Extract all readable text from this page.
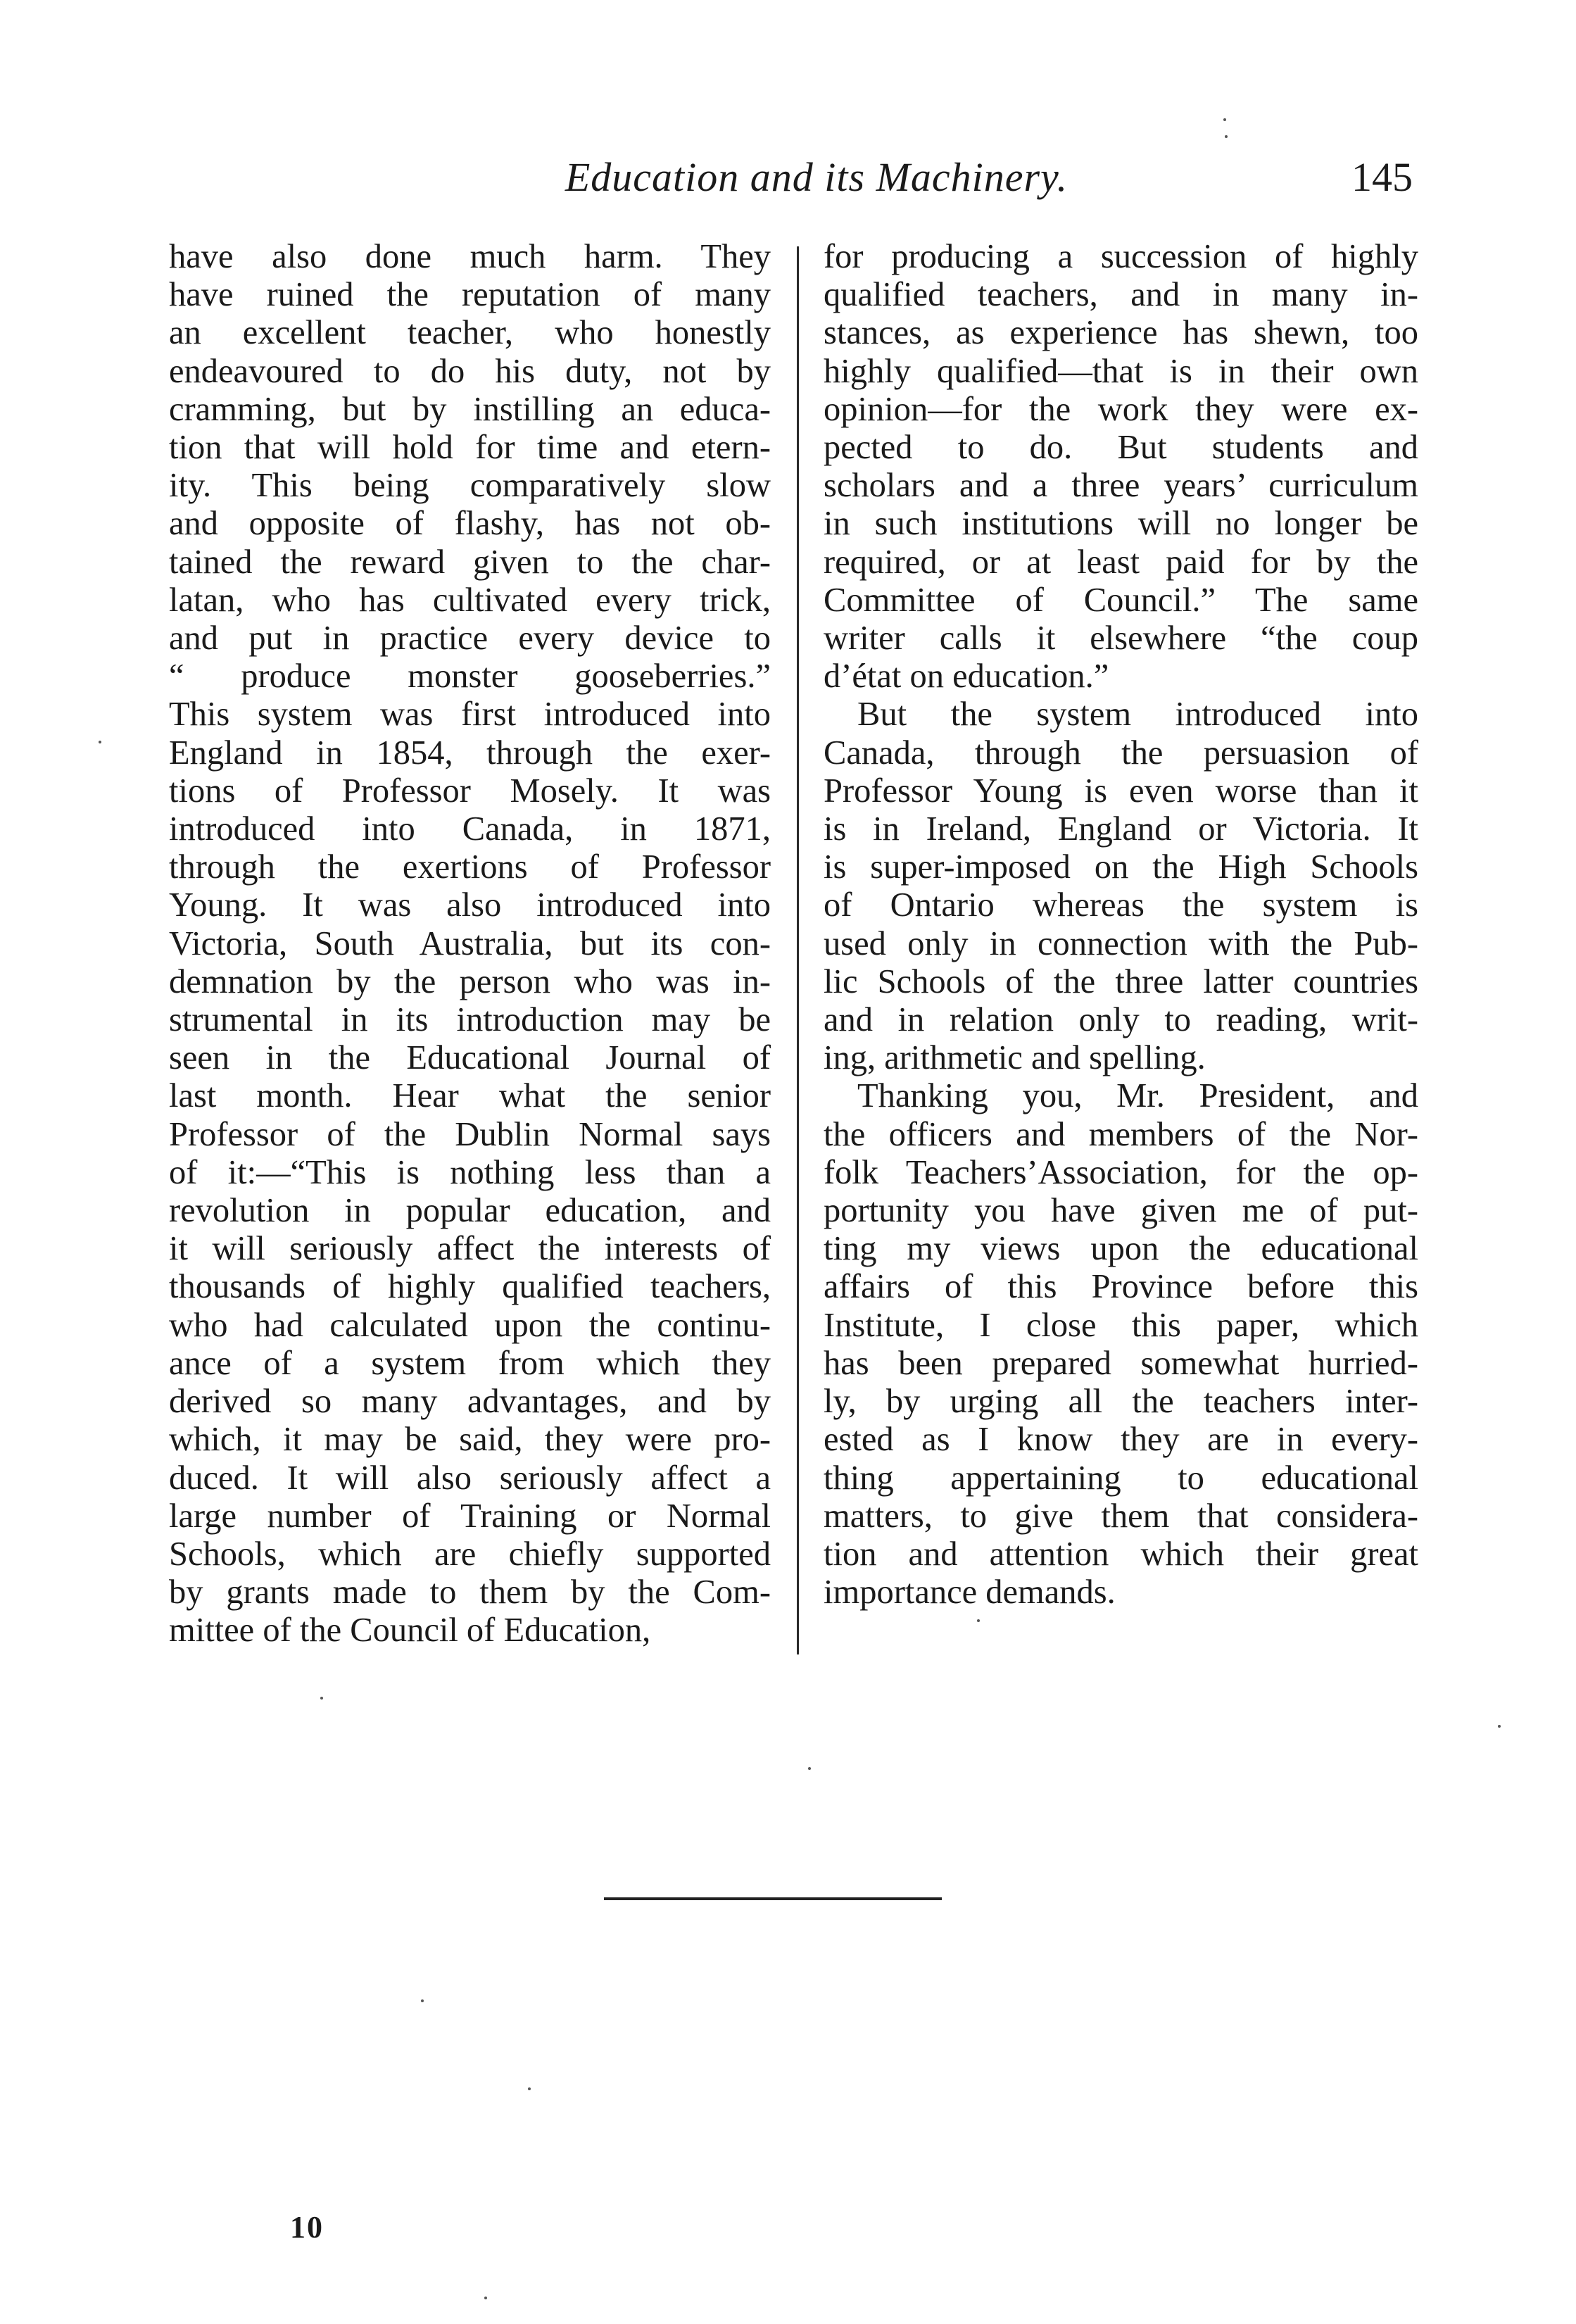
Education and its Machinery.	145
have also done much harm. They
have ruined the reputation of many
an excellent teacher, who honestly
endeavoured to do his duty, not by
cramming, but by instilling an educa-
tion that will hold for time and etern-
ity. This being comparatively slow
and opposite of flashy, has not ob-
tained the reward given to the char-
latan, who has cultivated every trick,
and put in practice every device to
“ produce monster gooseberries.”
This system was first introduced into
England in 1854, through the exer-
tions of Professor Mosely. It was
introduced into Canada, in 1871,
through the exertions of Professor
Young. It was also introduced into
Victoria, South Australia, but its con-
demnation by the person who was in-
strumental in its introduction may be
seen in the Educational Journal of
last month. Hear what the senior
Professor of the Dublin Normal says
of it:—“This is nothing less than a
revolution in popular education, and
it will seriously affect the interests of
thousands of highly qualified teachers,
who had calculated upon the continu-
ance of a system from which they
derived so many advantages, and by
which, it may be said, they were pro-
duced. It will also seriously affect a
large number of Training or Normal
Schools, which are chiefly supported
by grants made to them by the Com-
mittee of the Council of Education,
for producing a succession of highly
qualified teachers, and in many in-
stances, as experience has shewn, too
highly qualified—that is in their own
opinion—for the work they were ex-
pected to do. But students and
scholars and a three years’ curriculum
in such institutions will no longer be
required, or at least paid for by the
Committee of Council.” The same
writer calls it elsewhere “the coup
d’état on education.”
But the system introduced into
Canada, through the persuasion of
Professor Young is even worse than it
is in Ireland, England or Victoria. It
is super-imposed on the High Schools
of Ontario whereas the system is
used only in connection with the Pub-
lic Schools of the three latter countries
and in relation only to reading, writ-
ing, arithmetic and spelling.
Thanking you, Mr. President, and
the officers and members of the Nor-
folk Teachers’Association, for the op-
portunity you have given me of put-
ting my views upon the educational
affairs of this Province before this
Institute, I close this paper, which
has been prepared somewhat hurried-
ly, by urging all the teachers inter-
ested as I know they are in every-
thing appertaining to educational
matters, to give them that considera-
tion and attention which their great
importance demands.
10
